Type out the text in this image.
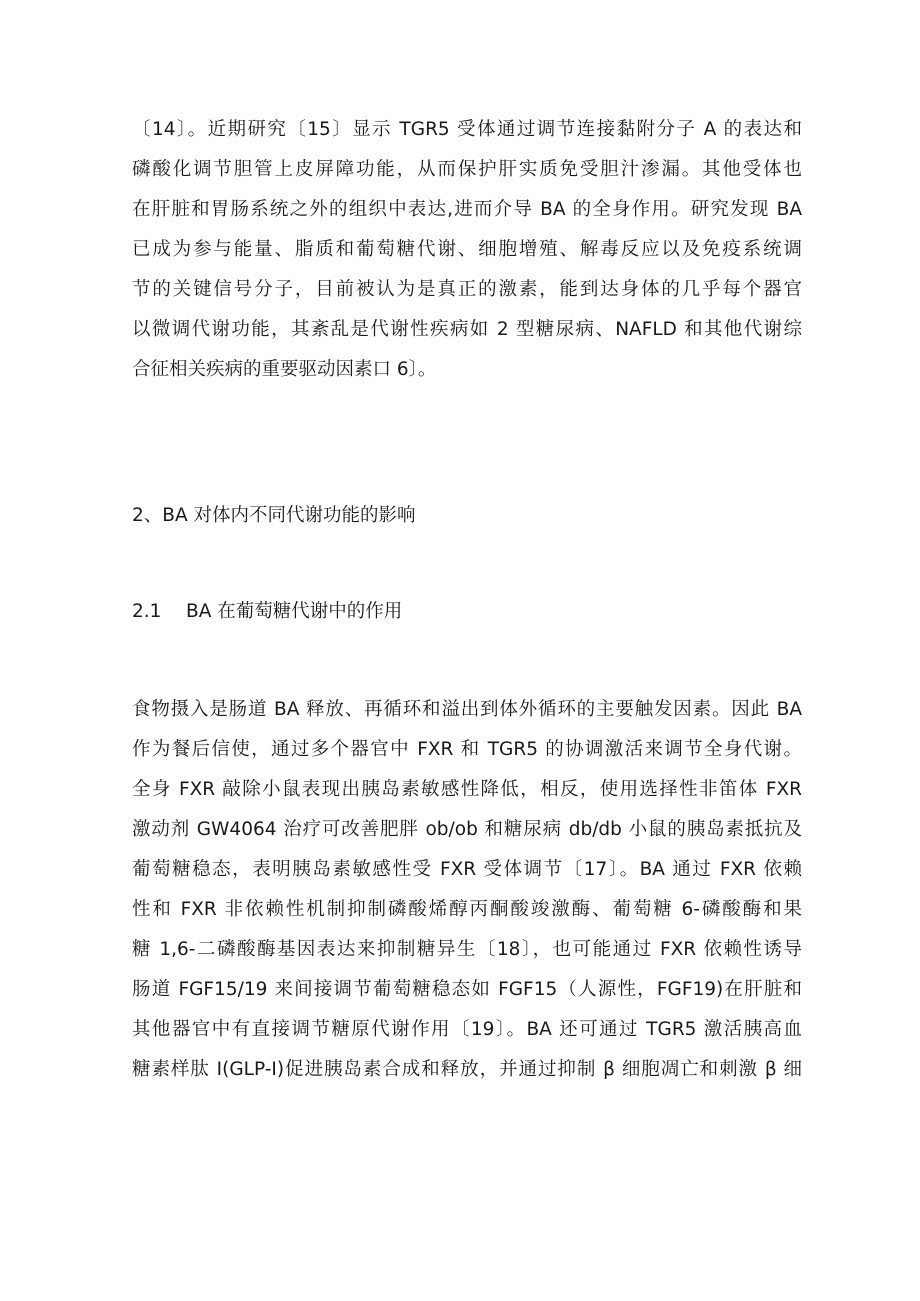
〔14〕。近期研究〔15〕显示 TGR5 受体通过调节连接黏附分子 A 的表达和
磷酸化调节胆管上皮屏障功能，从而保护肝实质免受胆汁渗漏。其他受体也
在肝脏和胃肠系统之外的组织中表达,进而介导 BA 的全身作用。研究发现 BA
已成为参与能量、脂质和葡萄糖代谢、细胞增殖、解毒反应以及免疫系统调
节的关键信号分子，目前被认为是真正的激素，能到达身体的几乎每个器官
以微调代谢功能，其紊乱是代谢性疾病如 2 型糖尿病、NAFLD 和其他代谢综
合征相关疾病的重要驱动因素口 6〕。

2、BA 对体内不同代谢功能的影响

2.1 BA 在葡萄糖代谢中的作用

食物摄入是肠道 BA 释放、再循环和溢出到体外循环的主要触发因素。因此 BA
作为餐后信使，通过多个器官中 FXR 和 TGR5 的协调激活来调节全身代谢。
全身 FXR 敲除小鼠表现出胰岛素敏感性降低，相反，使用选择性非笛体 FXR
激动剂 GW4064 治疗可改善肥胖 ob/ob 和糖尿病 db/db 小鼠的胰岛素抵抗及
葡萄糖稳态，表明胰岛素敏感性受 FXR 受体调节〔17〕。BA 通过 FXR 依赖
性和 FXR 非依赖性机制抑制磷酸烯醇丙酮酸竣激酶、葡萄糖 6-磷酸酶和果
糖 1,6-二磷酸酶基因表达来抑制糖异生〔18〕，也可能通过 FXR 依赖性诱导
肠道 FGF15/19 来间接调节葡萄糖稳态如 FGF15（人源性，FGF19)在肝脏和
其他器官中有直接调节糖原代谢作用〔19〕。BA 还可通过 TGR5 激活胰高血
糖素样肽 I(GLP-I)促进胰岛素合成和释放，并通过抑制 β 细胞凋亡和刺激 β 细
